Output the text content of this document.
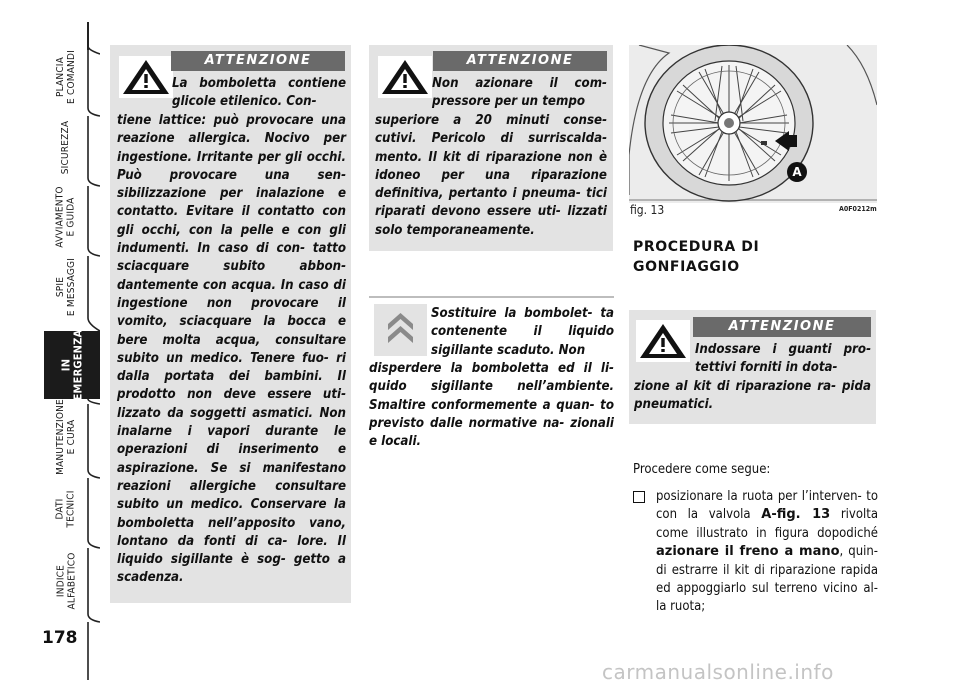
PLANCIA
E COMANDI
SICUREZZA
AVVIAMENTO
E GUIDA
SPIE
E MESSAGGI
IN
EMERGENZA
MANUTENZIONE
E CURA
DATI
TECNICI
INDICE
ALFABETICO
178
ATTENZIONE
La bomboletta contiene glicole etilenico. Con-
tiene lattice: può provocare una reazione allergica. Nocivo per ingestione. Irritante per gli occhi. Può provocare una sen- sibilizzazione per inalazione e contatto. Evitare il contatto con gli occhi, con la pelle e con gli indumenti. In caso di con- tatto sciacquare subito abbon- dantemente con acqua. In caso di ingestione non provocare il vomito, sciacquare la bocca e bere molta acqua, consultare subito un medico. Tenere fuo- ri dalla portata dei bambini. Il prodotto non deve essere uti- lizzato da soggetti asmatici. Non inalarne i vapori durante le operazioni di inserimento e aspirazione. Se si manifestano reazioni allergiche consultare subito un medico. Conservare la bomboletta nell’apposito vano, lontano da fonti di ca- lore. Il liquido sigillante è sog- getto a scadenza.
ATTENZIONE
Non azionare il com- pressore per un tempo
superiore a 20 minuti conse- cutivi. Pericolo di surriscalda- mento. Il kit di riparazione non è idoneo per una riparazione definitiva, pertanto i pneuma- tici riparati devono essere uti- lizzati solo temporaneamente.
Sostituire la bombolet- ta contenente il liquido sigillante scaduto. Non
disperdere la bomboletta ed il li- quido sigillante nell’ambiente. Smaltire conformemente a quan- to previsto dalle normative na- zionali e locali.
A
fig. 13	A0F0212m
PROCEDURA DI
GONFIAGGIO
ATTENZIONE
Indossare i guanti pro- tettivi forniti in dota-
zione al kit di riparazione ra- pida pneumatici.
Procedere come segue:
posizionare la ruota per l’interven- to con la valvola A-fig. 13 rivolta come illustrato in figura dopodiché azionare il freno a mano, quin- di estrarre il kit di riparazione rapida ed appoggiarlo sul terreno vicino al- la ruota;
carmanualsonline.info
